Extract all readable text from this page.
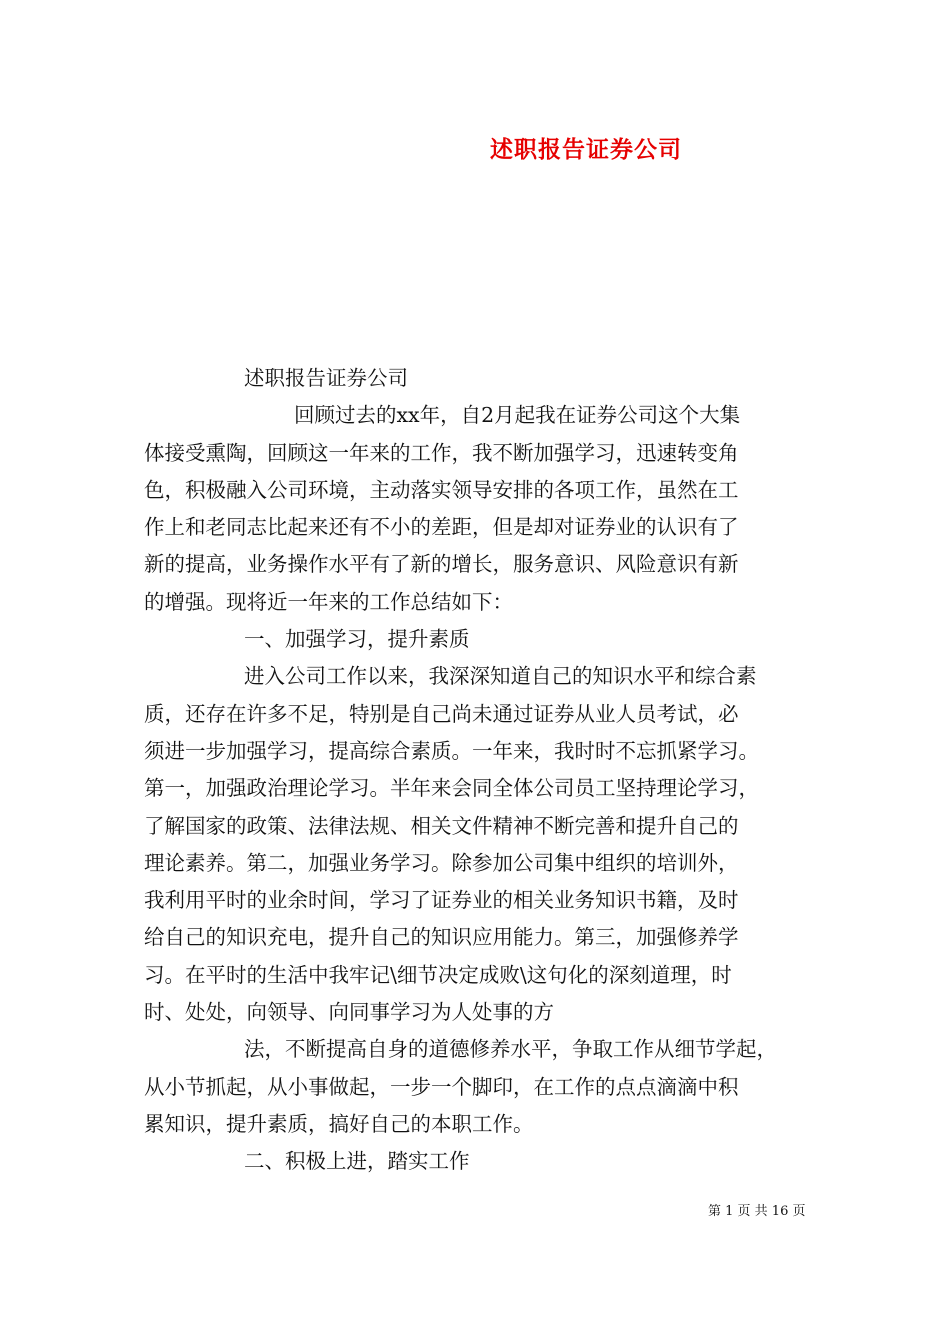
述职报告证券公司
述职报告证券公司
回顾过去的xx年，自2月起我在证券公司这个大集
体接受熏陶，回顾这一年来的工作，我不断加强学习，迅速转变角
色，积极融入公司环境，主动落实领导安排的各项工作，虽然在工
作上和老同志比起来还有不小的差距，但是却对证券业的认识有了
新的提高，业务操作水平有了新的增长，服务意识、风险意识有新
的增强。现将近一年来的工作总结如下：
一、加强学习，提升素质
进入公司工作以来，我深深知道自己的知识水平和综合素
质，还存在许多不足，特别是自己尚未通过证券从业人员考试，必
须进一步加强学习，提高综合素质。一年来，我时时不忘抓紧学习。
第一，加强政治理论学习。半年来会同全体公司员工坚持理论学习，
了解国家的政策、法律法规、相关文件精神不断完善和提升自己的
理论素养。第二，加强业务学习。除参加公司集中组织的培训外，
我利用平时的业余时间，学习了证券业的相关业务知识书籍，及时
给自己的知识充电，提升自己的知识应用能力。第三，加强修养学
习。在平时的生活中我牢记\细节决定成败\这句化的深刻道理，时
时、处处，向领导、向同事学习为人处事的方
法，不断提高自身的道德修养水平，争取工作从细节学起，
从小节抓起，从小事做起，一步一个脚印，在工作的点点滴滴中积
累知识，提升素质，搞好自己的本职工作。
二、积极上进，踏实工作
第 1 页 共 16 页
